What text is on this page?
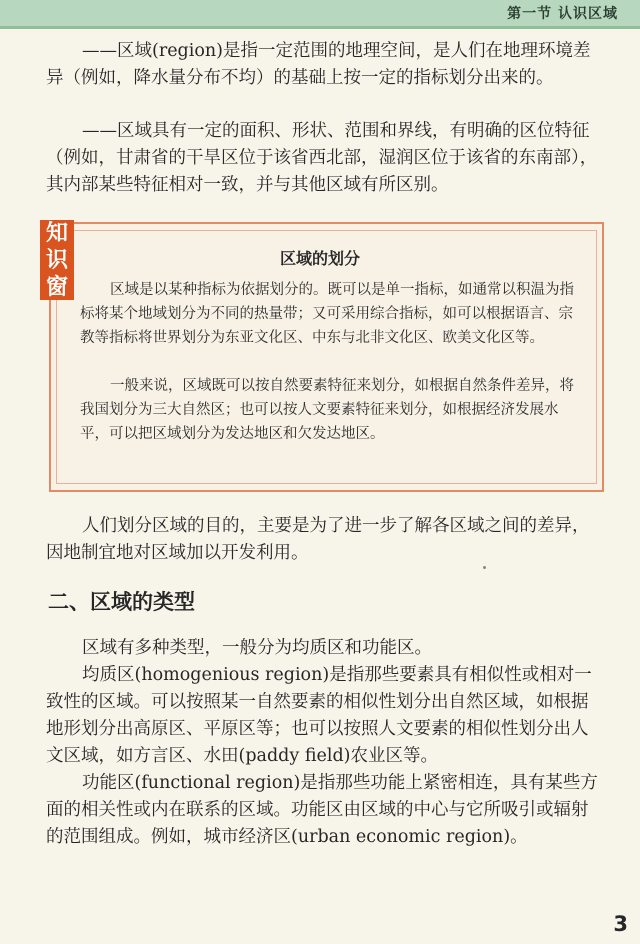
第一节 认识区域

——区域(region)是指一定范围的地理空间，是人们在地理环境差异（例如，降水量分布不均）的基础上按一定的指标划分出来的。

——区域具有一定的面积、形状、范围和界线，有明确的区位特征（例如，甘肃省的干旱区位于该省西北部，湿润区位于该省的东南部），其内部某些特征相对一致，并与其他区域有所区别。

知
识
窗
区域的划分

区域是以某种指标为依据划分的。既可以是单一指标，如通常以积温为指标将某个地域划分为不同的热量带；又可采用综合指标，如可以根据语言、宗教等指标将世界划分为东亚文化区、中东与北非文化区、欧美文化区等。

一般来说，区域既可以按自然要素特征来划分，如根据自然条件差异，将我国划分为三大自然区；也可以按人文要素特征来划分，如根据经济发展水平，可以把区域划分为发达地区和欠发达地区。

人们划分区域的目的，主要是为了进一步了解各区域之间的差异，因地制宜地对区域加以开发利用。

二、区域的类型

区域有多种类型，一般分为均质区和功能区。

均质区(homogenious region)是指那些要素具有相似性或相对一致性的区域。可以按照某一自然要素的相似性划分出自然区域，如根据地形划分出高原区、平原区等；也可以按照人文要素的相似性划分出人文区域，如方言区、水田(paddy field)农业区等。

功能区(functional region)是指那些功能上紧密相连，具有某些方面的相关性或内在联系的区域。功能区由区域的中心与它所吸引或辐射的范围组成。例如，城市经济区(urban economic region)。

3
